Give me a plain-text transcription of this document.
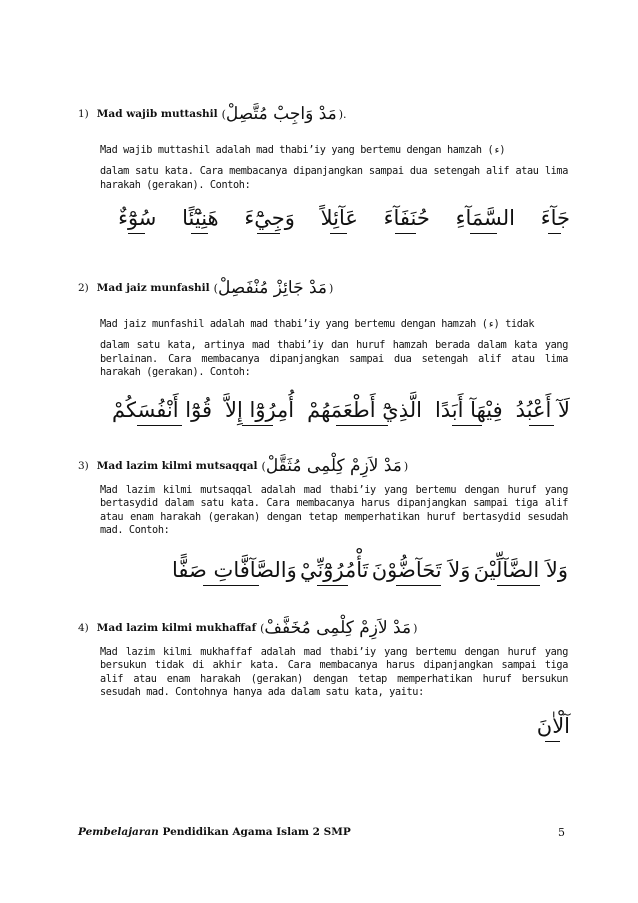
1) Mad wajib muttashil ( مَدْ وَاجِبْ مُتَّصِلْ ).

Mad wajib muttashil adalah mad thabi’iy yang bertemu dengan hamzah (ء)

dalam satu kata. Cara membacanya dipanjangkan sampai dua setengah alif atau lima harakah (gerakan). Contoh:

جَآءَ
السَّمَآءِ
حُنَفَآءَ
عَآئِلاً
وَجِيْٓءَ
هَنِيْٓئًا
سُوْٓءٌ
2) Mad jaiz munfashil ( مَدْ جَائِزْ مُنْفَصِلْ )

Mad jaiz munfashil adalah mad thabi’iy yang bertemu dengan hamzah (ء) tidak

dalam satu kata, artinya mad thabi’iy dan huruf hamzah berada dalam kata yang berlainan. Cara membacanya dipanjangkan sampai dua setengah alif atau lima harakah (gerakan). Contoh:

لَآ أَعْبُدُ
فِيْهَآ أَبَدًا
الَّذِيْٓ أَطْعَمَهُمْ
أُمِرُوْٓا إِلاَّ
قُوْٓا أَنْفُسَكُمْ
3) Mad lazim kilmi mutsaqqal ( مَدْ لاَزِمْ كِلْمِى مُثَقَّلْ )

Mad lazim kilmi mutsaqqal adalah mad thabi’iy yang bertemu dengan huruf yang bertasydid dalam satu kata. Cara membacanya harus dipanjangkan sampai tiga alif atau enam harakah (gerakan) dengan tetap memperhatikan huruf bertasydid sesudah mad. Contoh:

وَلاَ الضَّآلِّيْنَ
وَلاَ تَحَآضُّوْنَ
تَأْمُرُوْٓنِّيْ
وَالصَّآفَّاتِ صَفًّا
4) Mad lazim kilmi mukhaffaf ( مَدْ لاَزِمْ كِلْمِى مُخَفَّفْ )

Mad lazim kilmi mukhaffaf adalah mad thabi’iy yang bertemu dengan huruf yang bersukun tidak di akhir kata. Cara membacanya harus dipanjangkan sampai tiga alif atau enam harakah (gerakan) dengan tetap memperhatikan huruf bersukun sesudah mad. Contohnya hanya ada dalam satu kata, yaitu:

آلْاٰنَ
Pembelajaran Pendidikan Agama Islam 2 SMP	5
